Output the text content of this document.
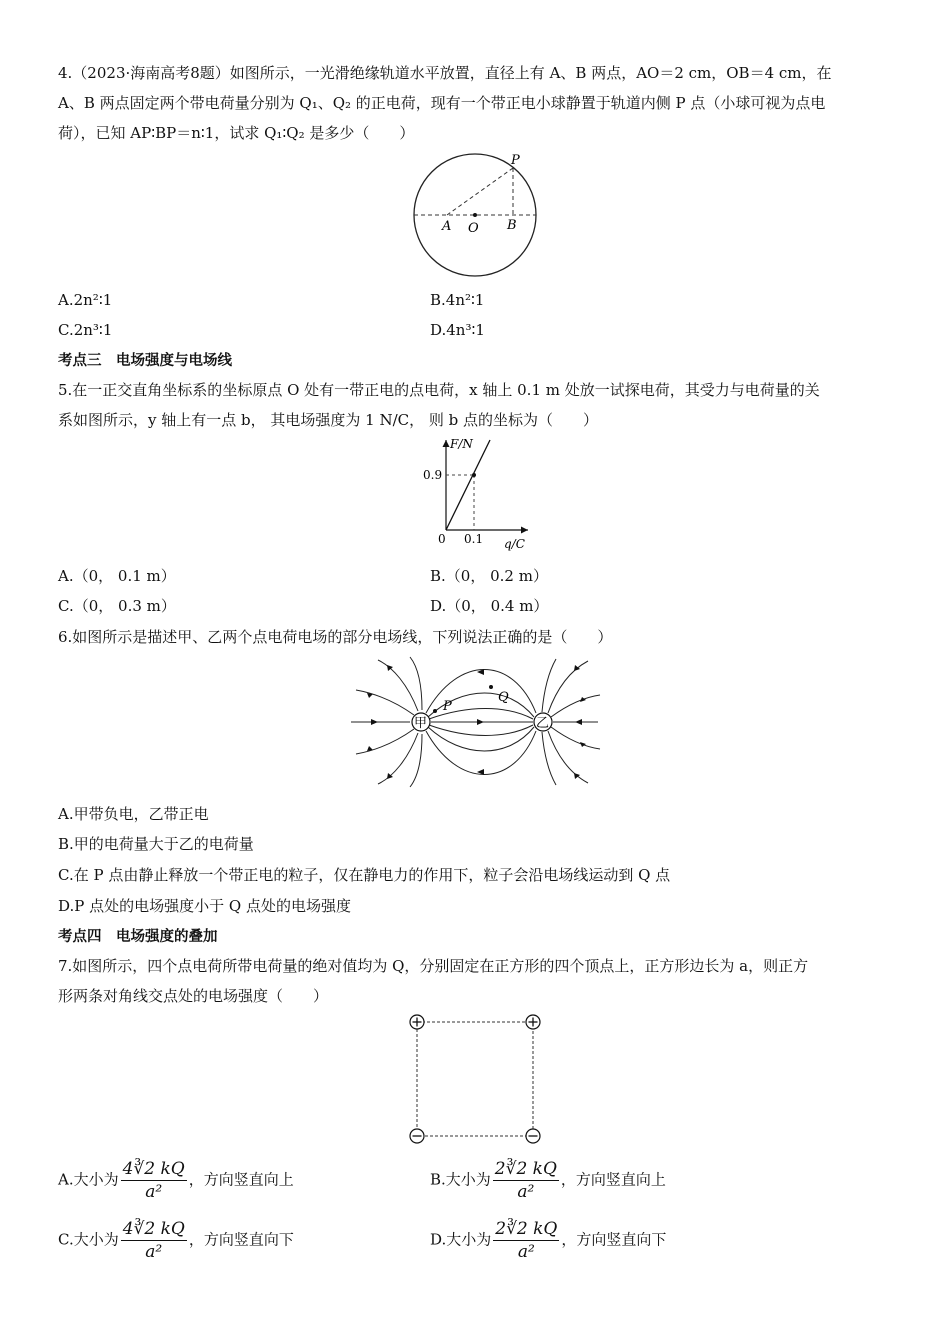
4.（2023·海南高考8题）如图所示，一光滑绝缘轨道水平放置，直径上有 A、B 两点，AO＝2 cm，OB＝4 cm，在
A、B 两点固定两个带电荷量分别为 Q₁、Q₂ 的正电荷，现有一个带正电小球静置于轨道内侧 P 点（小球可视为点电
荷），已知 AP∶BP＝n∶1，试求 Q₁∶Q₂ 是多少（　　）
P
A O B
A.2n²∶1	B.4n²∶1
C.2n³∶1	D.4n³∶1
考点三　电场强度与电场线
5.在一正交直角坐标系的坐标原点 O 处有一带正电的点电荷，x 轴上 0.1 m 处放一试探电荷，其受力与电荷量的关
系如图所示，y 轴上有一点 b， 其电场强度为 1 N/C， 则 b 点的坐标为（　　）
F/N
q/C
0
0.9
0.1
A.（0， 0.1 m）	B.（0， 0.2 m）
C.（0， 0.3 m）	D.（0， 0.4 m）
6.如图所示是描述甲、乙两个点电荷电场的部分电场线，下列说法正确的是（　　）
甲	乙
P
Q
A.甲带负电，乙带正电
B.甲的电荷量大于乙的电荷量
C.在 P 点由静止释放一个带正电的粒子，仅在静电力的作用下，粒子会沿电场线运动到 Q 点
D.P 点处的电场强度小于 Q 点处的电场强度
考点四　电场强度的叠加
7.如图所示，四个点电荷所带电荷量的绝对值均为 Q，分别固定在正方形的四个顶点上，正方形边长为 a，则正方
形两条对角线交点处的电场强度（　　）
A.大小为 $\frac{4∛2 kQ}{\text{a²}}$ ，方向竖直向上	B.大小为 $\frac{2∛2 kQ}{\text{a²}}$ ，方向竖直向上
C.大小为 $\frac{4∛2 kQ}{\text{a²}}$ ，方向竖直向下	D.大小为 $\frac{2∛2 kQ}{\text{a²}}$ ，方向竖直向下
